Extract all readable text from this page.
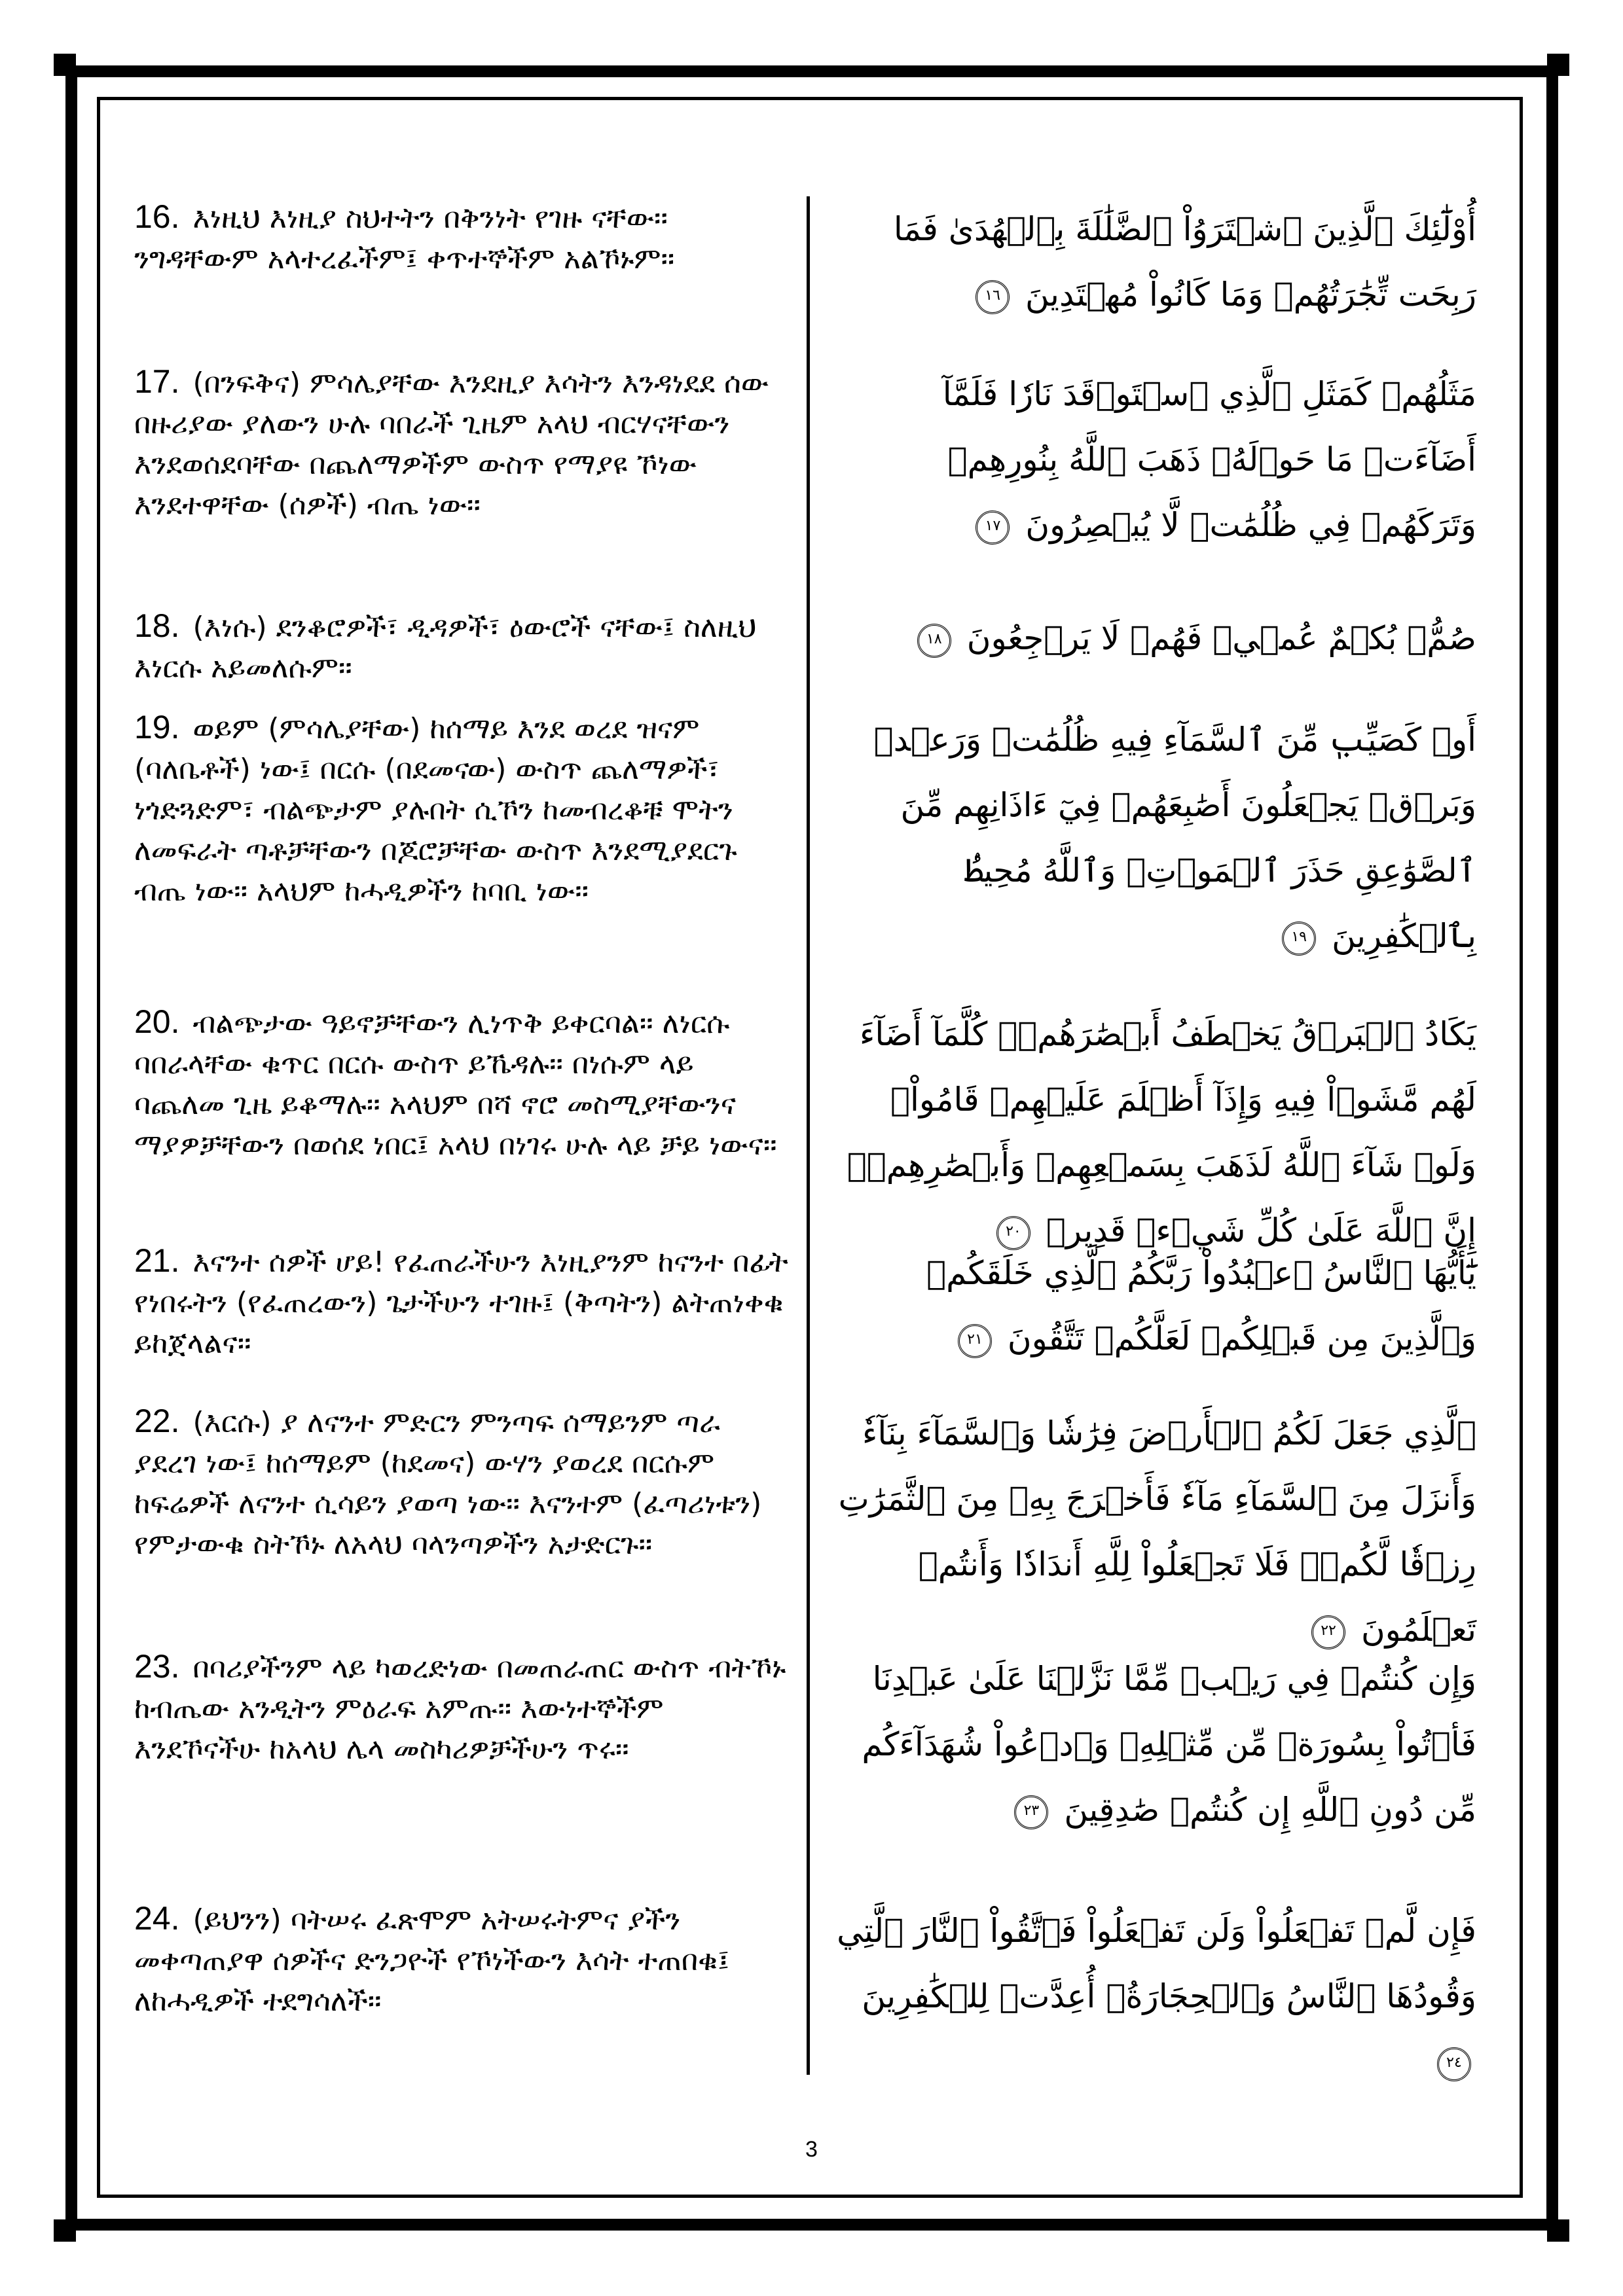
16. እነዚህ እነዚያ ስህተትን በቅንነት የገዙ ናቸው፡፡ ንግዳቸውም አላተረፈችም፤ ቀጥተኞችም አልኾኑም፡፡
أُوْلَٰٓئِكَ ٱلَّذِينَ ٱشۡتَرَوُاْ ٱلضَّلَٰلَةَ بِٱلۡهُدَىٰ فَمَا رَبِحَت تِّجَٰرَتُهُمۡ وَمَا كَانُواْ مُهۡتَدِينَ ١٦
17. (በንፍቅና) ምሳሌያቸው እንደዚያ እሳትን እንዳነደደ ሰው በዙሪያው ያለውን ሁሉ ባበራች ጊዜም አላህ ብርሃናቸውን እንደወሰደባቸው በጨለማዎችም ውስጥ የማያዩ ኾነው እንደተዋቸው (ሰዎች) ብጤ ነው፡፡
مَثَلُهُمۡ كَمَثَلِ ٱلَّذِي ٱسۡتَوۡقَدَ نَارٗا فَلَمَّآ أَضَآءَتۡ مَا حَوۡلَهُۥ ذَهَبَ ٱللَّهُ بِنُورِهِمۡ وَتَرَكَهُمۡ فِي ظُلُمَٰتٖ لَّا يُبۡصِرُونَ ١٧
18. (እነሱ) ደንቆሮዎች፣ ዲዳዎች፣ ዕውሮች ናቸው፤ ስለዚህ እነርሱ አይመለሱም፡፡
صُمُّۢ بُكۡمٌ عُمۡيٞ فَهُمۡ لَا يَرۡجِعُونَ ١٨
19. ወይም (ምሳሌያቸው) ከሰማይ እንደ ወረደ ዝናም (ባለቤቶች) ነው፤ በርሱ (በደመናው) ውስጥ ጨለማዎች፣ ነጎድጓድም፣ ብልጭታም ያሉበት ሲኾን ከመብረቆቹ ሞትን ለመፍራት ጣቶቻቸውን በጆሮቻቸው ውስጥ እንደሚያደርጉ ብጤ ነው፡፡ አላህም ከሓዲዎችን ከባቢ ነው፡፡
أَوۡ كَصَيِّبٖ مِّنَ ٱلسَّمَآءِ فِيهِ ظُلُمَٰتٞ وَرَعۡدٞ وَبَرۡقٞ يَجۡعَلُونَ أَصَٰبِعَهُمۡ فِيٓ ءَاذَانِهِم مِّنَ ٱلصَّوَٰعِقِ حَذَرَ ٱلۡمَوۡتِۚ وَٱللَّهُ مُحِيطُۢ بِٱلۡكَٰفِرِينَ ١٩
20. ብልጭታው ዓይኖቻቸውን ሊነጥቅ ይቀርባል፡፡ ለነርሱ ባበራላቸው ቁጥር በርሱ ውስጥ ይኼዳሉ፡፡ በነሱም ላይ ባጨለመ ጊዜ ይቆማሉ፡፡ አላህም በሻ ኖሮ መስሚያቸውንና ማያዎቻቸውን በወሰደ ነበር፤ አላህ በነገሩ ሁሉ ላይ ቻይ ነውና፡፡
يَكَادُ ٱلۡبَرۡقُ يَخۡطَفُ أَبۡصَٰرَهُمۡۖ كُلَّمَآ أَضَآءَ لَهُم مَّشَوۡاْ فِيهِ وَإِذَآ أَظۡلَمَ عَلَيۡهِمۡ قَامُواْۚ وَلَوۡ شَآءَ ٱللَّهُ لَذَهَبَ بِسَمۡعِهِمۡ وَأَبۡصَٰرِهِمۡۚ إِنَّ ٱللَّهَ عَلَىٰ كُلِّ شَيۡءٖ قَدِيرٞ ٢٠
21. እናንተ ሰዎች ሆይ! የፈጠራችሁን እነዚያንም ከናንተ በፊት የነበሩትን (የፈጠረውን) ጌታችሁን ተገዙ፤ (ቅጣትን) ልትጠነቀቁ ይከጀላልና፡፡
يَٰٓأَيُّهَا ٱلنَّاسُ ٱعۡبُدُواْ رَبَّكُمُ ٱلَّذِي خَلَقَكُمۡ وَٱلَّذِينَ مِن قَبۡلِكُمۡ لَعَلَّكُمۡ تَتَّقُونَ ٢١
22. (እርሱ) ያ ለናንተ ምድርን ምንጣፍ ሰማይንም ጣራ ያደረገ ነው፤ ከሰማይም (ከደመና) ውሃን ያወረደ በርሱም ከፍሬዎች ለናንተ ሲሳይን ያወጣ ነው፡፡ እናንተም (ፈጣሪነቱን) የምታውቁ ስትኾኑ ለአላህ ባላንጣዎችን አታድርጉ፡፡
ٱلَّذِي جَعَلَ لَكُمُ ٱلۡأَرۡضَ فِرَٰشٗا وَٱلسَّمَآءَ بِنَآءٗ وَأَنزَلَ مِنَ ٱلسَّمَآءِ مَآءٗ فَأَخۡرَجَ بِهِۦ مِنَ ٱلثَّمَرَٰتِ رِزۡقٗا لَّكُمۡۖ فَلَا تَجۡعَلُواْ لِلَّهِ أَندَادٗا وَأَنتُمۡ تَعۡلَمُونَ ٢٢
23. በባሪያችንም ላይ ካወረድነው በመጠራጠር ውስጥ ብትኾኑ ከብጤው አንዲትን ምዕራፍ አምጡ፡፡ እውነተኞችም እንደኾናችሁ ከአላህ ሌላ መስካሪዎቻችሁን ጥሩ፡፡
وَإِن كُنتُمۡ فِي رَيۡبٖ مِّمَّا نَزَّلۡنَا عَلَىٰ عَبۡدِنَا فَأۡتُواْ بِسُورَةٖ مِّن مِّثۡلِهِۦ وَٱدۡعُواْ شُهَدَآءَكُم مِّن دُونِ ٱللَّهِ إِن كُنتُمۡ صَٰدِقِينَ ٢٣
24. (ይህንን) ባትሠሩ ፈጽሞም አትሠሩትምና ያችን መቀጣጠያዋ ሰዎችና ድንጋዮች የኾነችውን እሳት ተጠበቁ፤ ለከሓዲዎች ተደግሳለች፡፡
فَإِن لَّمۡ تَفۡعَلُواْ وَلَن تَفۡعَلُواْ فَٱتَّقُواْ ٱلنَّارَ ٱلَّتِي وَقُودُهَا ٱلنَّاسُ وَٱلۡحِجَارَةُۖ أُعِدَّتۡ لِلۡكَٰفِرِينَ ٢٤
3
